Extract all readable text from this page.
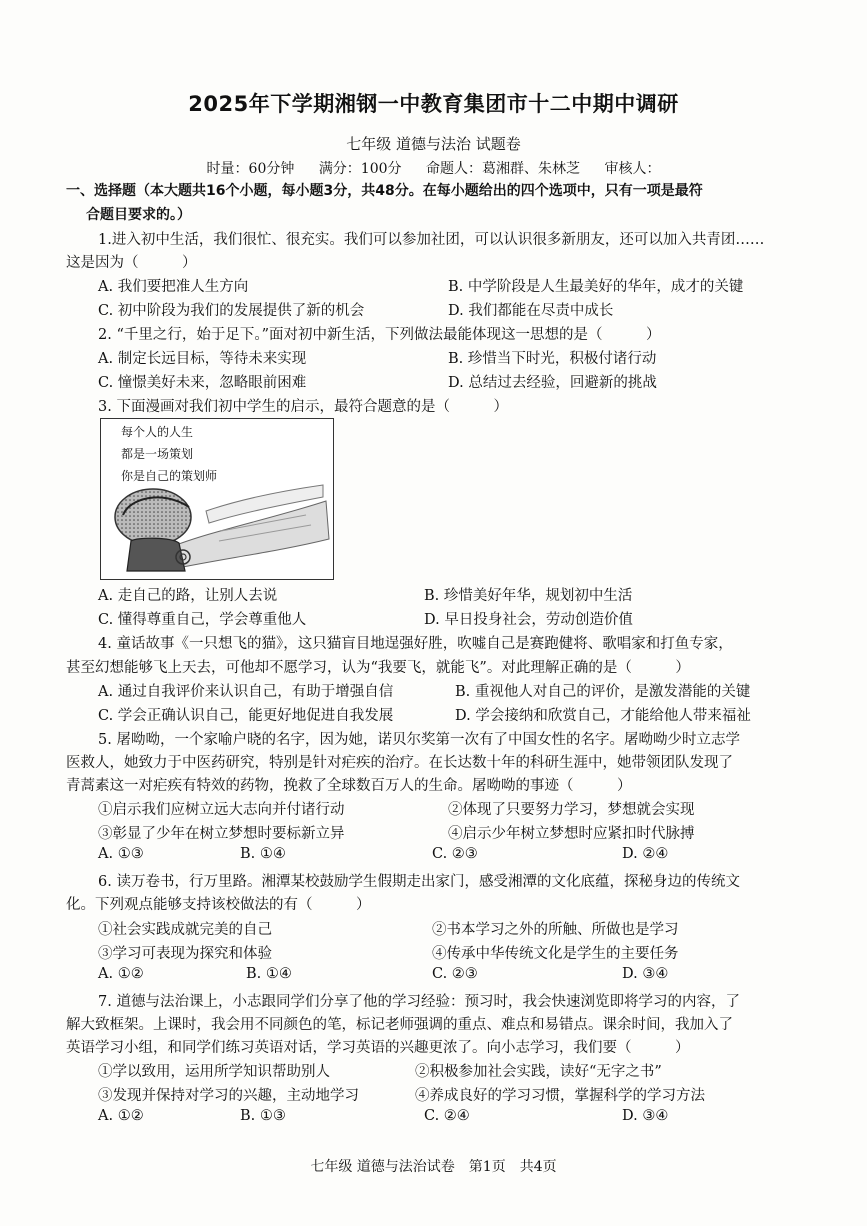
2025年下学期湘钢一中教育集团市十二中期中调研
七年级 道德与法治 试题卷
时量：60分钟 满分：100分 命题人：葛湘群、朱林芝 审核人：
一、选择题（本大题共16个小题，每小题3分，共48分。在每小题给出的四个选项中，只有一项是最符
合题目要求的。）
1.进入初中生活，我们很忙、很充实。我们可以参加社团，可以认识很多新朋友，还可以加入共青团……
这是因为（　　　）
A. 我们要把准人生方向	B. 中学阶段是人生最美好的华年，成才的关键
C. 初中阶段为我们的发展提供了新的机会	D. 我们都能在尽责中成长
2. “千里之行，始于足下。”面对初中新生活，下列做法最能体现这一思想的是（　　　）
A. 制定长远目标，等待未来实现	B. 珍惜当下时光，积极付诸行动
C. 憧憬美好未来，忽略眼前困难	D. 总结过去经验，回避新的挑战
3. 下面漫画对我们初中学生的启示，最符合题意的是（　　　）
每个人的人生
都是一场策划
你是自己的策划师
A. 走自己的路，让别人去说	B. 珍惜美好年华，规划初中生活
C. 懂得尊重自己，学会尊重他人	D. 早日投身社会，劳动创造价值
4. 童话故事《一只想飞的猫》，这只猫盲目地逞强好胜，吹嘘自己是赛跑健将、歌唱家和打鱼专家，
甚至幻想能够飞上天去，可他却不愿学习，认为“我要飞，就能飞”。对此理解正确的是（　　　）
A. 通过自我评价来认识自己，有助于增强自信	B. 重视他人对自己的评价，是激发潜能的关键
C. 学会正确认识自己，能更好地促进自我发展	D. 学会接纳和欣赏自己，才能给他人带来福祉
5. 屠呦呦，一个家喻户晓的名字，因为她，诺贝尔奖第一次有了中国女性的名字。屠呦呦少时立志学
医救人，她致力于中医药研究，特别是针对疟疾的治疗。在长达数十年的科研生涯中，她带领团队发现了
青蒿素这一对疟疾有特效的药物，挽救了全球数百万人的生命。屠呦呦的事迹（　　　）
①启示我们应树立远大志向并付诸行动	②体现了只要努力学习，梦想就会实现
③彰显了少年在树立梦想时要标新立异	④启示少年树立梦想时应紧扣时代脉搏
A. ①③	B. ①④	C. ②③	D. ②④
6. 读万卷书，行万里路。湘潭某校鼓励学生假期走出家门，感受湘潭的文化底蕴，探秘身边的传统文
化。下列观点能够支持该校做法的有（　　　）
①社会实践成就完美的自己	②书本学习之外的所触、所做也是学习
③学习可表现为探究和体验	④传承中华传统文化是学生的主要任务
A. ①②	B. ①④	C. ②③	D. ③④
7. 道德与法治课上，小志跟同学们分享了他的学习经验：预习时，我会快速浏览即将学习的内容，了
解大致框架。上课时，我会用不同颜色的笔，标记老师强调的重点、难点和易错点。课余时间，我加入了
英语学习小组，和同学们练习英语对话，学习英语的兴趣更浓了。向小志学习，我们要（　　　）
①学以致用，运用所学知识帮助别人	②积极参加社会实践，读好“无字之书”
③发现并保持对学习的兴趣，主动地学习	④养成良好的学习习惯，掌握科学的学习方法
A. ①②	B. ①③	C. ②④	D. ③④
七年级 道德与法治试卷　第1页　共4页
